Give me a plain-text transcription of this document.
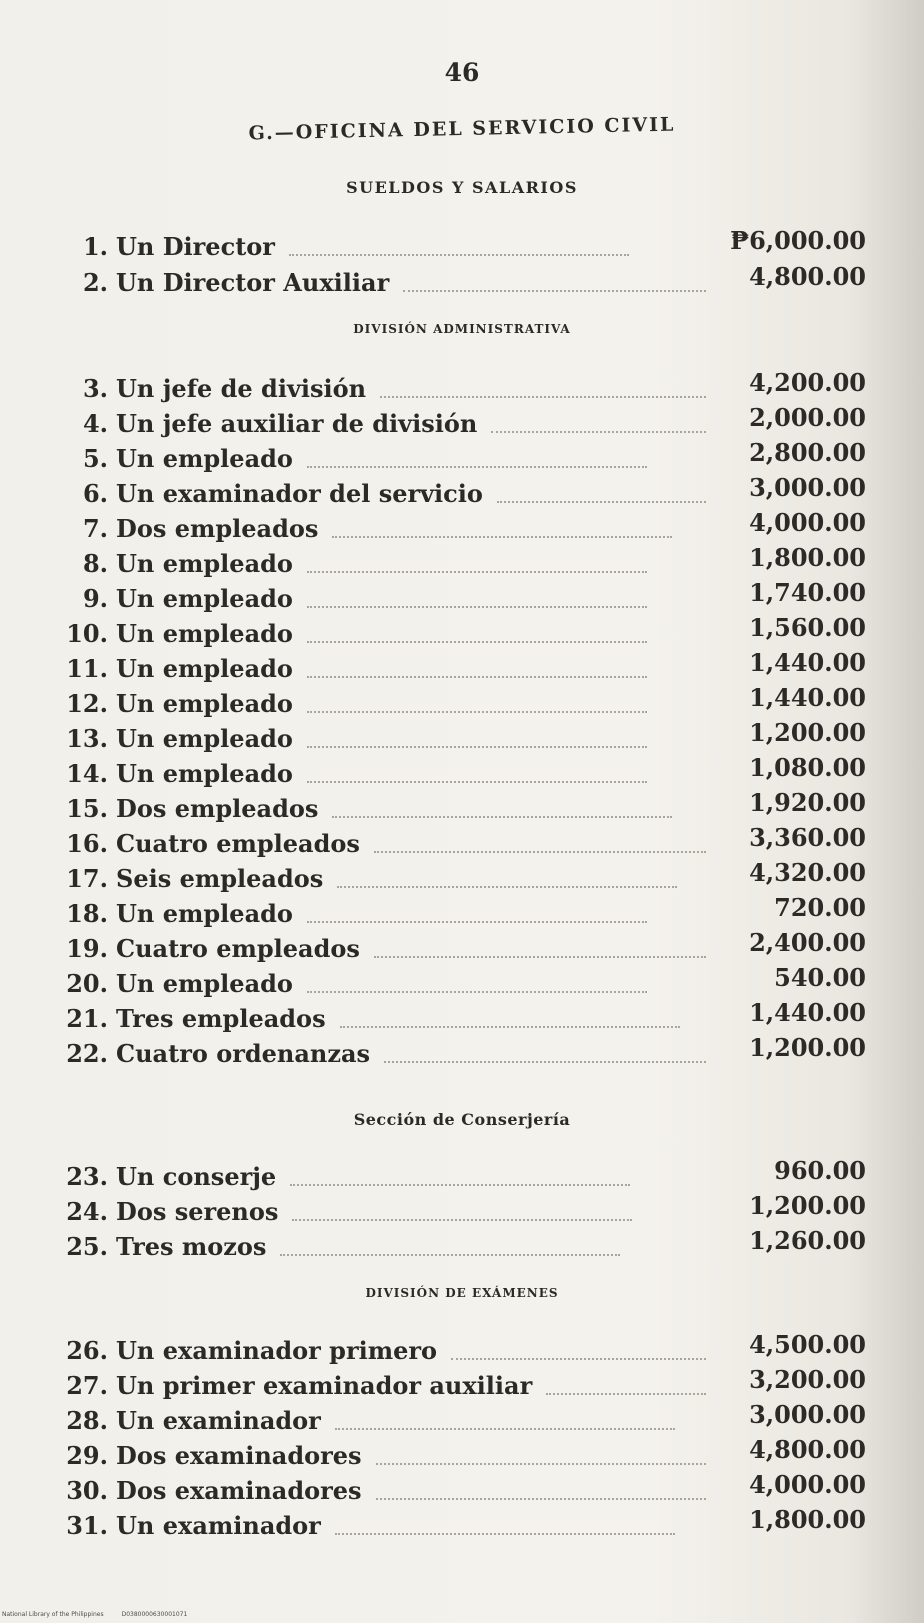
46
G.—OFICINA DEL SERVICIO CIVIL
SUELDOS Y SALARIOS
DIVISIÓN ADMINISTRATIVA
Sección de Conserjería
DIVISIÓN DE EXÁMENES
1. Un Director	₱6,000.00
2. Un Director Auxiliar	4,800.00
3. Un jefe de división	4,200.00
4. Un jefe auxiliar de división	2,000.00
5. Un empleado	2,800.00
6. Un examinador del servicio	3,000.00
7. Dos empleados	4,000.00
8. Un empleado	1,800.00
9. Un empleado	1,740.00
10. Un empleado	1,560.00
11. Un empleado	1,440.00
12. Un empleado	1,440.00
13. Un empleado	1,200.00
14. Un empleado	1,080.00
15. Dos empleados	1,920.00
16. Cuatro empleados	3,360.00
17. Seis empleados	4,320.00
18. Un empleado	720.00
19. Cuatro empleados	2,400.00
20. Un empleado	540.00
21. Tres empleados	1,440.00
22. Cuatro ordenanzas	1,200.00
23. Un conserje	960.00
24. Dos serenos	1,200.00
25. Tres mozos	1,260.00
26. Un examinador primero	4,500.00
27. Un primer examinador auxiliar	3,200.00
28. Un examinador	3,000.00
29. Dos examinadores	4,800.00
30. Dos examinadores	4,000.00
31. Un examinador	1,800.00
National Library of the Philippines	D0380000630001071
